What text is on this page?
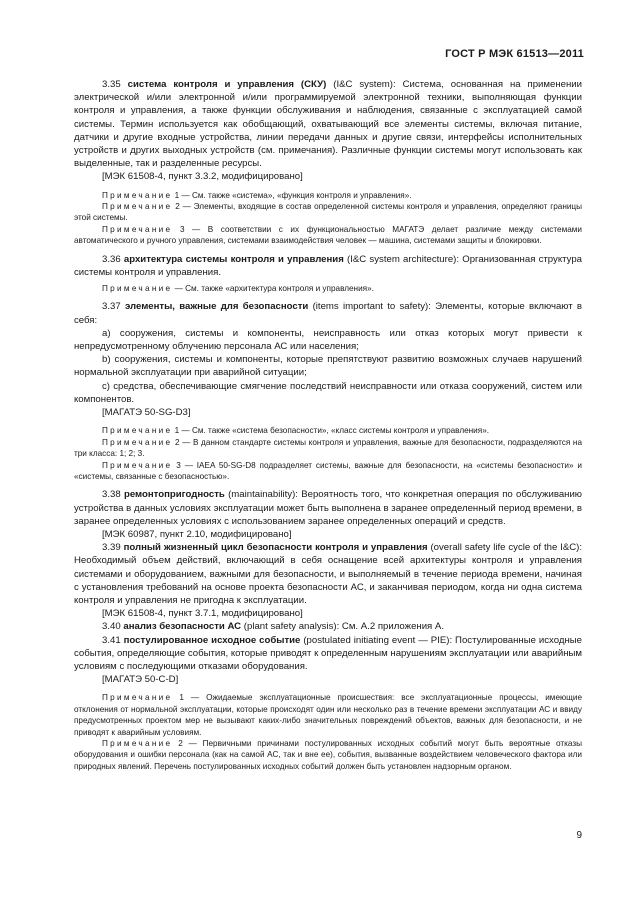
ГОСТ Р МЭК 61513—2011

3.35 система контроля и управления (СКУ) (I&C system): Система, основанная на применении электрической и/или электронной и/или программируемой электронной техники, выполняющая функции контроля и управления, а также функции обслуживания и наблюдения, связанные с эксплуатацией самой системы. Термин используется как обобщающий, охватывающий все элементы системы, включая питание, датчики и другие входные устройства, линии передачи данных и другие связи, интерфейсы исполнительных устройств и других выходных устройств (см. примечания). Различные функции системы могут использовать как выделенные, так и разделенные ресурсы.

[МЭК 61508-4, пункт 3.3.2, модифицировано]

Примечание 1 — См. также «система», «функция контроля и управления».

Примечание 2 — Элементы, входящие в состав определенной системы контроля и управления, определяют границы этой системы.

Примечание 3 — В соответствии с их функциональностью МАГАТЭ делает различие между системами автоматического и ручного управления, системами взаимодействия человек — машина, системами защиты и блокировки.

3.36 архитектура системы контроля и управления (I&C system architecture): Организованная структура системы контроля и управления.

Примечание — См. также «архитектура контроля и управления».

3.37 элементы, важные для безопасности (items important to safety): Элементы, которые включают в себя:

а) сооружения, системы и компоненты, неисправность или отказ которых могут привести к непредусмотренному облучению персонала АС или населения;

b) сооружения, системы и компоненты, которые препятствуют развитию возможных случаев нарушений нормальной эксплуатации при аварийной ситуации;

c) средства, обеспечивающие смягчение последствий неисправности или отказа сооружений, систем или компонентов.

[МАГАТЭ 50-SG-D3]

Примечание 1 — См. также «система безопасности», «класс системы контроля и управления».

Примечание 2 — В данном стандарте системы контроля и управления, важные для безопасности, подразделяются на три класса: 1; 2; 3.

Примечание 3 — IAEA 50-SG-D8 подразделяет системы, важные для безопасности, на «системы безопасности» и «системы, связанные с безопасностью».

3.38 ремонтопригодность (maintainability): Вероятность того, что конкретная операция по обслуживанию устройства в данных условиях эксплуатации может быть выполнена в заранее определенный период времени, в заранее определенных условиях с использованием заранее определенных операций и средств.

[МЭК 60987, пункт 2.10, модифицировано]

3.39 полный жизненный цикл безопасности контроля и управления (overall safety life cycle of the I&C): Необходимый объем действий, включающий в себя оснащение всей архитектуры контроля и управления системами и оборудованием, важными для безопасности, и выполняемый в течение периода времени, начиная с установления требований на основе проекта безопасности АС, и заканчивая периодом, когда ни одна система контроля и управления не пригодна к эксплуатации.

[МЭК 61508-4, пункт 3.7.1, модифицировано]

3.40 анализ безопасности АС (plant safety analysis): См. А.2 приложения А.

3.41 постулированное исходное событие (postulated initiating event — PIE): Постулированные исходные события, определяющие события, которые приводят к определенным нарушениям эксплуатации или аварийным условиям с последующими отказами оборудования.

[МАГАТЭ 50-C-D]

Примечание 1 — Ожидаемые эксплуатационные происшествия: все эксплуатационные процессы, имеющие отклонения от нормальной эксплуатации, которые происходят один или несколько раз в течение времени эксплуатации АС и ввиду предусмотренных проектом мер не вызывают каких-либо значительных повреждений объектов, важных для безопасности, и не приводят к аварийным условиям.

Примечание 2 — Первичными причинами постулированных исходных событий могут быть вероятные отказы оборудования и ошибки персонала (как на самой АС, так и вне ее), события, вызванные воздействием человеческого фактора или природных явлений. Перечень постулированных исходных событий должен быть установлен надзорным органом.

9
